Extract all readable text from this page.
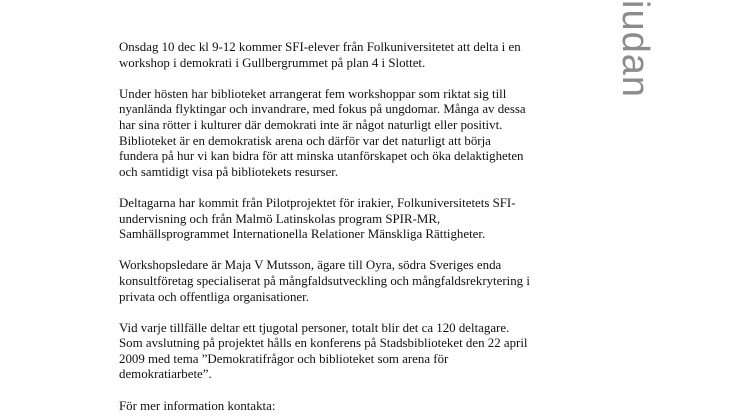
iudan

Onsdag 10 dec kl 9-12 kommer SFI-elever från Folkuniversitetet att delta i en
workshop i demokrati i Gullbergrummet på plan 4 i Slottet.

Under hösten har biblioteket arrangerat fem workshoppar som riktat sig till
nyanlända flyktingar och invandrare, med fokus på ungdomar. Många av dessa
har sina rötter i kulturer där demokrati inte är något naturligt eller positivt.
Biblioteket är en demokratisk arena och därför var det naturligt att börja
fundera på hur vi kan bidra för att minska utanförskapet och öka delaktigheten
och samtidigt visa på bibliotekets resurser.

Deltagarna har kommit från Pilotprojektet för irakier, Folkuniversitetets SFI-
undervisning och från Malmö Latinskolas program SPIR-MR,
Samhällsprogrammet Internationella Relationer Mänskliga Rättigheter.

Workshopsledare är Maja V Mutsson, ägare till Oyra, södra Sveriges enda
konsultföretag specialiserat på mångfaldsutveckling och mångfaldsrekrytering i
privata och offentliga organisationer.

Vid varje tillfälle deltar ett tjugotal personer, totalt blir det ca 120 deltagare.
Som avslutning på projektet hålls en konferens på Stadsbiblioteket den 22 april
2009 med tema ”Demokratifrågor och biblioteket som arena för
demokratiarbete”.

För mer information kontakta:
